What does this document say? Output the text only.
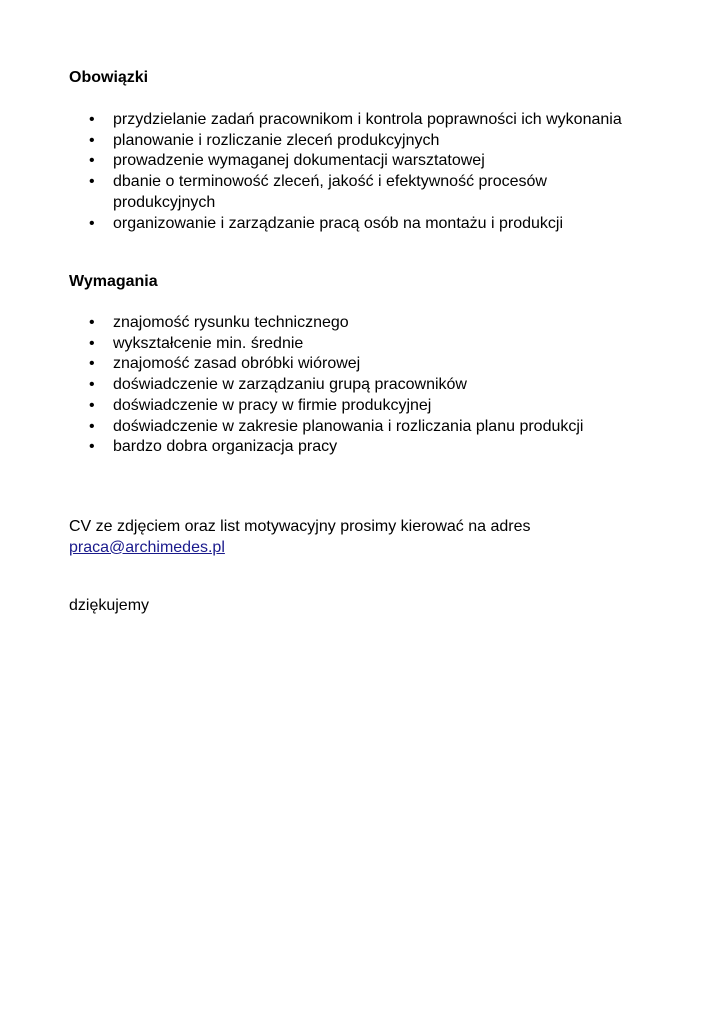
Obowiązki
• przydzielanie zadań pracownikom i kontrola poprawności ich wykonania
• planowanie i rozliczanie zleceń produkcyjnych
• prowadzenie wymaganej dokumentacji warsztatowej
• dbanie o terminowość zleceń, jakość i efektywność procesów produkcyjnych
• organizowanie i zarządzanie pracą osób na montażu i produkcji
Wymagania
• znajomość rysunku technicznego
• wykształcenie min. średnie
• znajomość zasad obróbki wiórowej
• doświadczenie w zarządzaniu grupą pracowników
• doświadczenie w pracy w firmie produkcyjnej
• doświadczenie w zakresie planowania i rozliczania planu produkcji
• bardzo dobra organizacja pracy

CV ze zdjęciem oraz list motywacyjny prosimy kierować na adres
praca@archimedes.pl

dziękujemy
